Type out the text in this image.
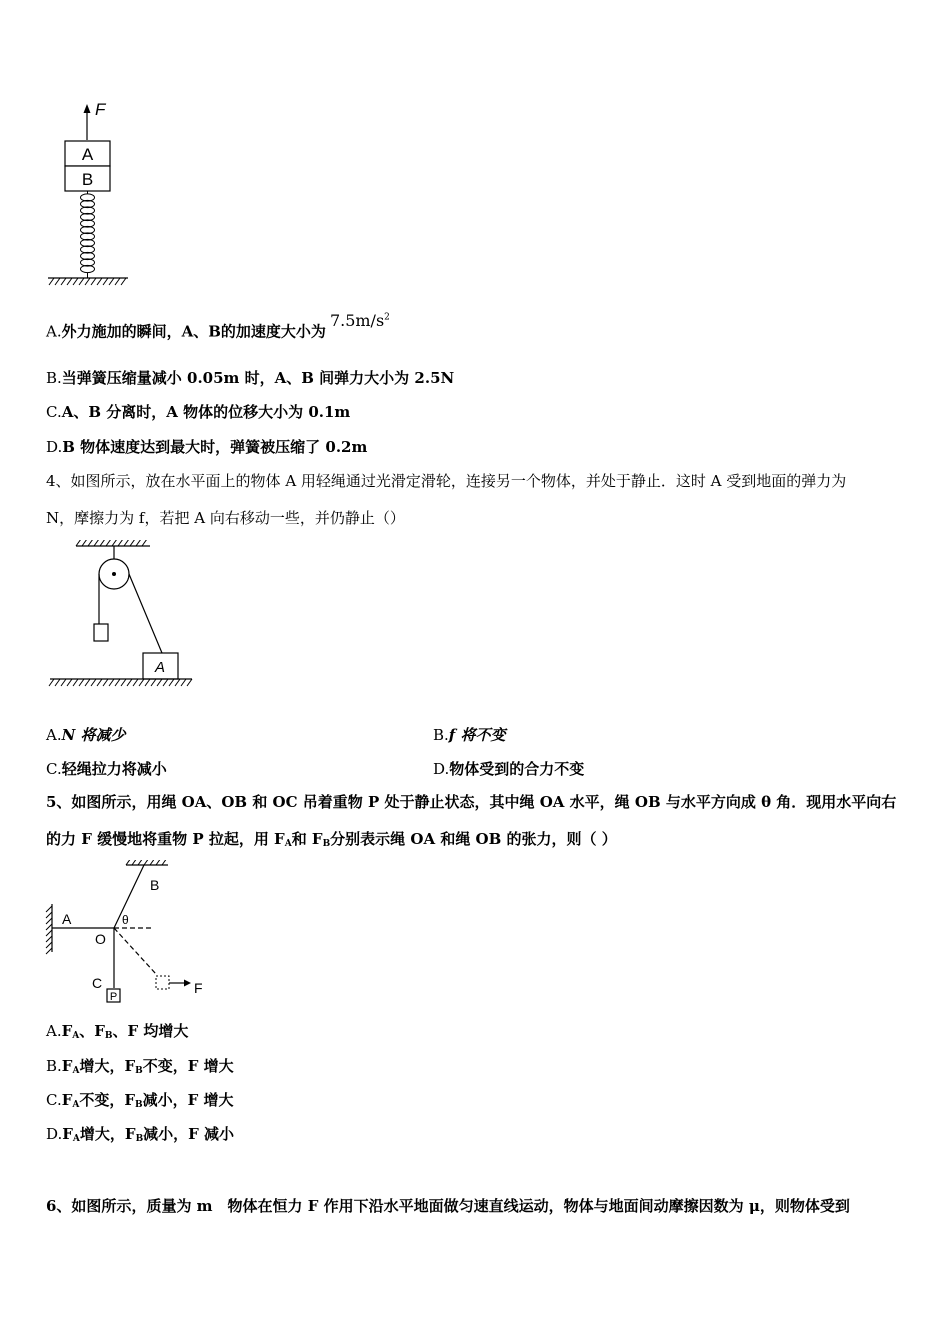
F
A
B
A.外力施加的瞬间，A、B的加速度大小为$7.5m/s^2$
B.当弹簧压缩量减小 0.05m 时，A、B 间弹力大小为 2.5N
C.A、B 分离时，A 物体的位移大小为 0.1m
D.B 物体速度达到最大时，弹簧被压缩了 0.2m
4、如图所示，放在水平面上的物体 A 用轻绳通过光滑定滑轮，连接另一个物体，并处于静止．这时 A 受到地面的弹力为
N，摩擦力为 f，若把 A 向右移动一些，并仍静止（）
A
A.N 将减少	B.f 将不变
C.轻绳拉力将减小	D.物体受到的合力不变
5、如图所示，用绳 OA、OB 和 OC 吊着重物 P 处于静止状态，其中绳 OA 水平，绳 OB 与水平方向成 θ 角．现用水平向右
的力 F 缓慢地将重物 P 拉起，用 $F_A$和 $F_B$分别表示绳 OA 和绳 OB 的张力，则（ ）
P
A
B
O
C	F
θ
$A.F_A$、$F_B$、F 均增大
$B.F_A$增大，$F_B$不变，F 增大
$C.F_A$不变，$F_B$减小，F 增大
$D.F_A$增大，$F_B$减小，F 减小
6、如图所示，质量为 m　物体在恒力 F 作用下沿水平地面做匀速直线运动，物体与地面间动摩擦因数为 μ，则物体受到
